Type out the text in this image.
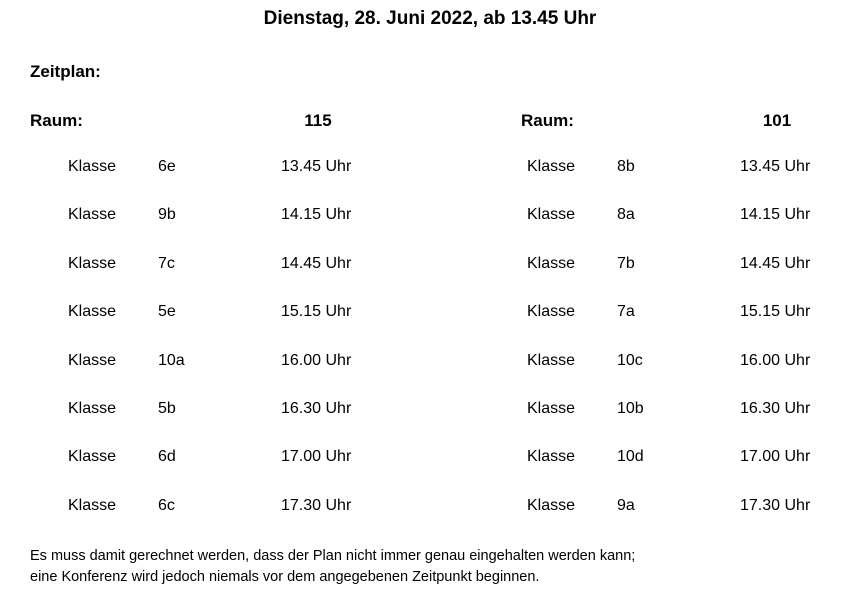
Dienstag, 28. Juni 2022, ab 13.45 Uhr
Zeitplan:
Raum:	115	Raum:	101
Klasse	6e	13.45 Uhr
Klasse	9b	14.15 Uhr
Klasse	7c	14.45 Uhr
Klasse	5e	15.15 Uhr
Klasse	10a	16.00 Uhr
Klasse	5b	16.30 Uhr
Klasse	6d	17.00 Uhr
Klasse	6c	17.30 Uhr
Klasse	8b	13.45 Uhr
Klasse	8a	14.15 Uhr
Klasse	7b	14.45 Uhr
Klasse	7a	15.15 Uhr
Klasse	10c	16.00 Uhr
Klasse	10b	16.30 Uhr
Klasse	10d	17.00 Uhr
Klasse	9a	17.30 Uhr
Es muss damit gerechnet werden, dass der Plan nicht immer genau eingehalten werden kann;
eine Konferenz wird jedoch niemals vor dem angegebenen Zeitpunkt beginnen.
